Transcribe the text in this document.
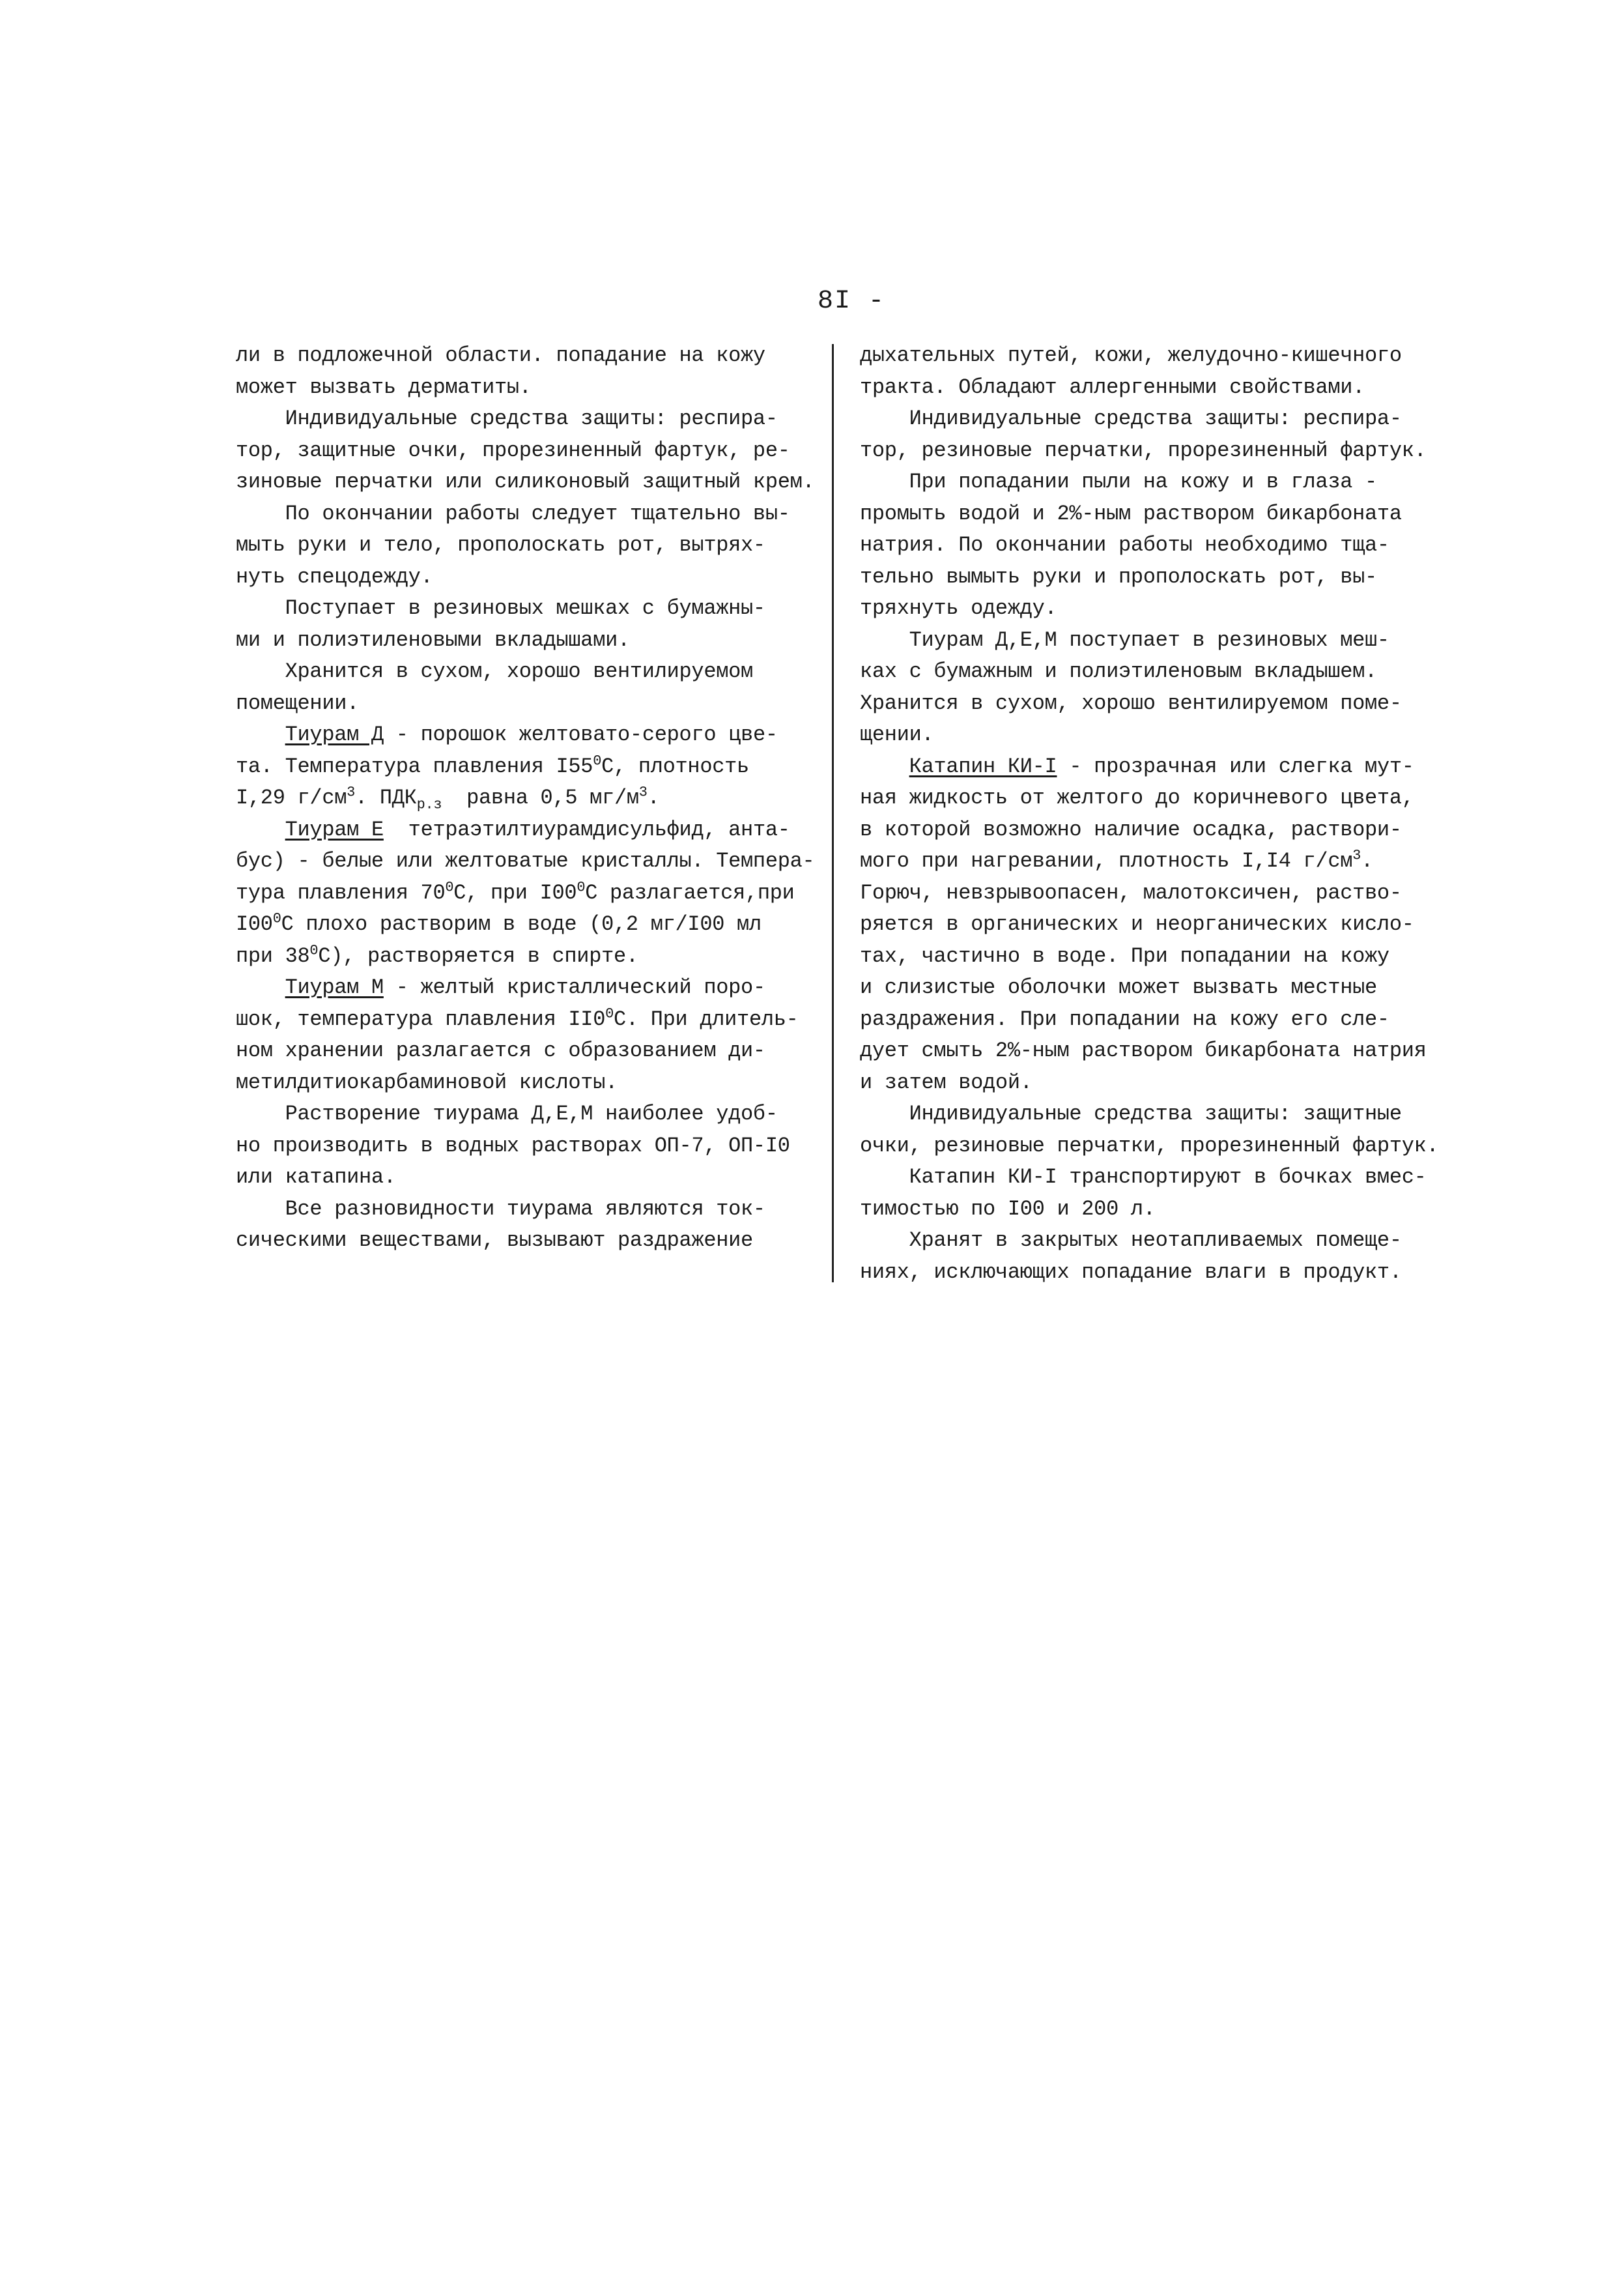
8I -
ли в подложечной области. попадание на кожу
может вызвать дерматиты.
Индивидуальные средства защиты: респира-
тор, защитные очки, прорезиненный фартук, ре-
зиновые перчатки или силиконовый защитный крем.
По окончании работы следует тщательно вы-
мыть руки и тело, прополоскать рот, вытрях-
нуть спецодежду.
Поступает в резиновых мешках с бумажны-
ми и полиэтиленовыми вкладышами.
Хранится в сухом, хорошо вентилируемом
помещении.
Тиурам Д - порошок желтовато-серого цве-
та. Температура плавления $I55^0C$, плотность
I,29 $г/см^3$. $ПДК_{р.з}$  равна 0,5 $мг/м^3$.
Тиурам Е  тетраэтилтиурамдисульфид, анта-
бус) - белые или желтоватые кристаллы. Темпера-
тура плавления $70^0C$, при $I00^0C$ разлагается,при
$I00^0C$ плохо растворим в воде (0,2 мг/I00 мл
при $38^0C$), растворяется в спирте.
Тиурам М - желтый кристаллический поро-
шок, температура плавления $II0^0C$. При длитель-
ном хранении разлагается с образованием ди-
метилдитиокарбаминовой кислоты.
Растворение тиурама Д,Е,М наиболее удоб-
но производить в водных растворах ОП-7, ОП-I0
или катапина.
Все разновидности тиурама являются ток-
сическими веществами, вызывают раздражение
дыхательных путей, кожи, желудочно-кишечного
тракта. Обладают аллергенными свойствами.
Индивидуальные средства защиты: респира-
тор, резиновые перчатки, прорезиненный фартук.
При попадании пыли на кожу и в глаза -
промыть водой и 2%-ным раствором бикарбоната
натрия. По окончании работы необходимо тща-
тельно вымыть руки и прополоскать рот, вы-
тряхнуть одежду.
Тиурам Д,Е,М поступает в резиновых меш-
ках с бумажным и полиэтиленовым вкладышем.
Хранится в сухом, хорошо вентилируемом поме-
щении.
Катапин КИ-I - прозрачная или слегка мут-
ная жидкость от желтого до коричневого цвета,
в которой возможно наличие осадка, раствори-
мого при нагревании, плотность I,I4 $г/см^3$.
Горюч, невзрывоопасен, малотоксичен, раство-
ряется в органических и неорганических кисло-
тах, частично в воде. При попадании на кожу
и слизистые оболочки может вызвать местные
раздражения. При попадании на кожу его сле-
дует смыть 2%-ным раствором бикарбоната натрия
и затем водой.
Индивидуальные средства защиты: защитные
очки, резиновые перчатки, прорезиненный фартук.
Катапин КИ-I транспортируют в бочках вмес-
тимостью по I00 и 200 л.
Хранят в закрытых неотапливаемых помеще-
ниях, исключающих попадание влаги в продукт.
